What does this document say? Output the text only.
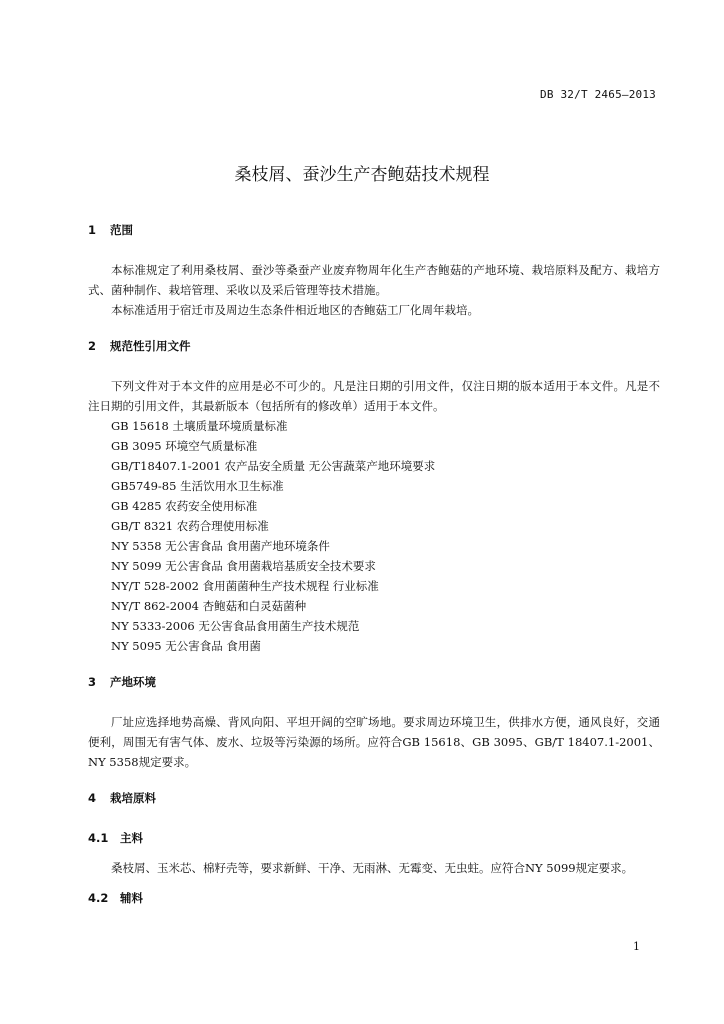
DB 32/T 2465—2013
桑枝屑、蚕沙生产杏鲍菇技术规程
1 范围

本标准规定了利用桑枝屑、蚕沙等桑蚕产业废弃物周年化生产杏鲍菇的产地环境、栽培原料及配方、栽培方式、菌种制作、栽培管理、采收以及采后管理等技术措施。

本标准适用于宿迁市及周边生态条件相近地区的杏鲍菇工厂化周年栽培。

2 规范性引用文件

下列文件对于本文件的应用是必不可少的。凡是注日期的引用文件，仅注日期的版本适用于本文件。凡是不注日期的引用文件，其最新版本（包括所有的修改单）适用于本文件。

GB 15618 土壤质量环境质量标准
GB 3095 环境空气质量标准
GB/T18407.1-2001 农产品安全质量 无公害蔬菜产地环境要求
GB5749-85 生活饮用水卫生标准
GB 4285 农药安全使用标准
GB/T 8321 农药合理使用标准
NY 5358 无公害食品 食用菌产地环境条件
NY 5099 无公害食品 食用菌栽培基质安全技术要求
NY/T 528-2002 食用菌菌种生产技术规程 行业标准
NY/T 862-2004 杏鲍菇和白灵菇菌种
NY 5333-2006 无公害食品食用菌生产技术规范
NY 5095 无公害食品 食用菌
3 产地环境

厂址应选择地势高燥、背风向阳、平坦开阔的空旷场地。要求周边环境卫生，供排水方便，通风良好，交通便利，周围无有害气体、废水、垃圾等污染源的场所。应符合GB 15618、GB 3095、GB/T 18407.1-2001、NY 5358规定要求。

4 栽培原料
4.1 主料

桑枝屑、玉米芯、棉籽壳等，要求新鲜、干净、无雨淋、无霉变、无虫蛀。应符合NY 5099规定要求。

4.2 辅料
1
